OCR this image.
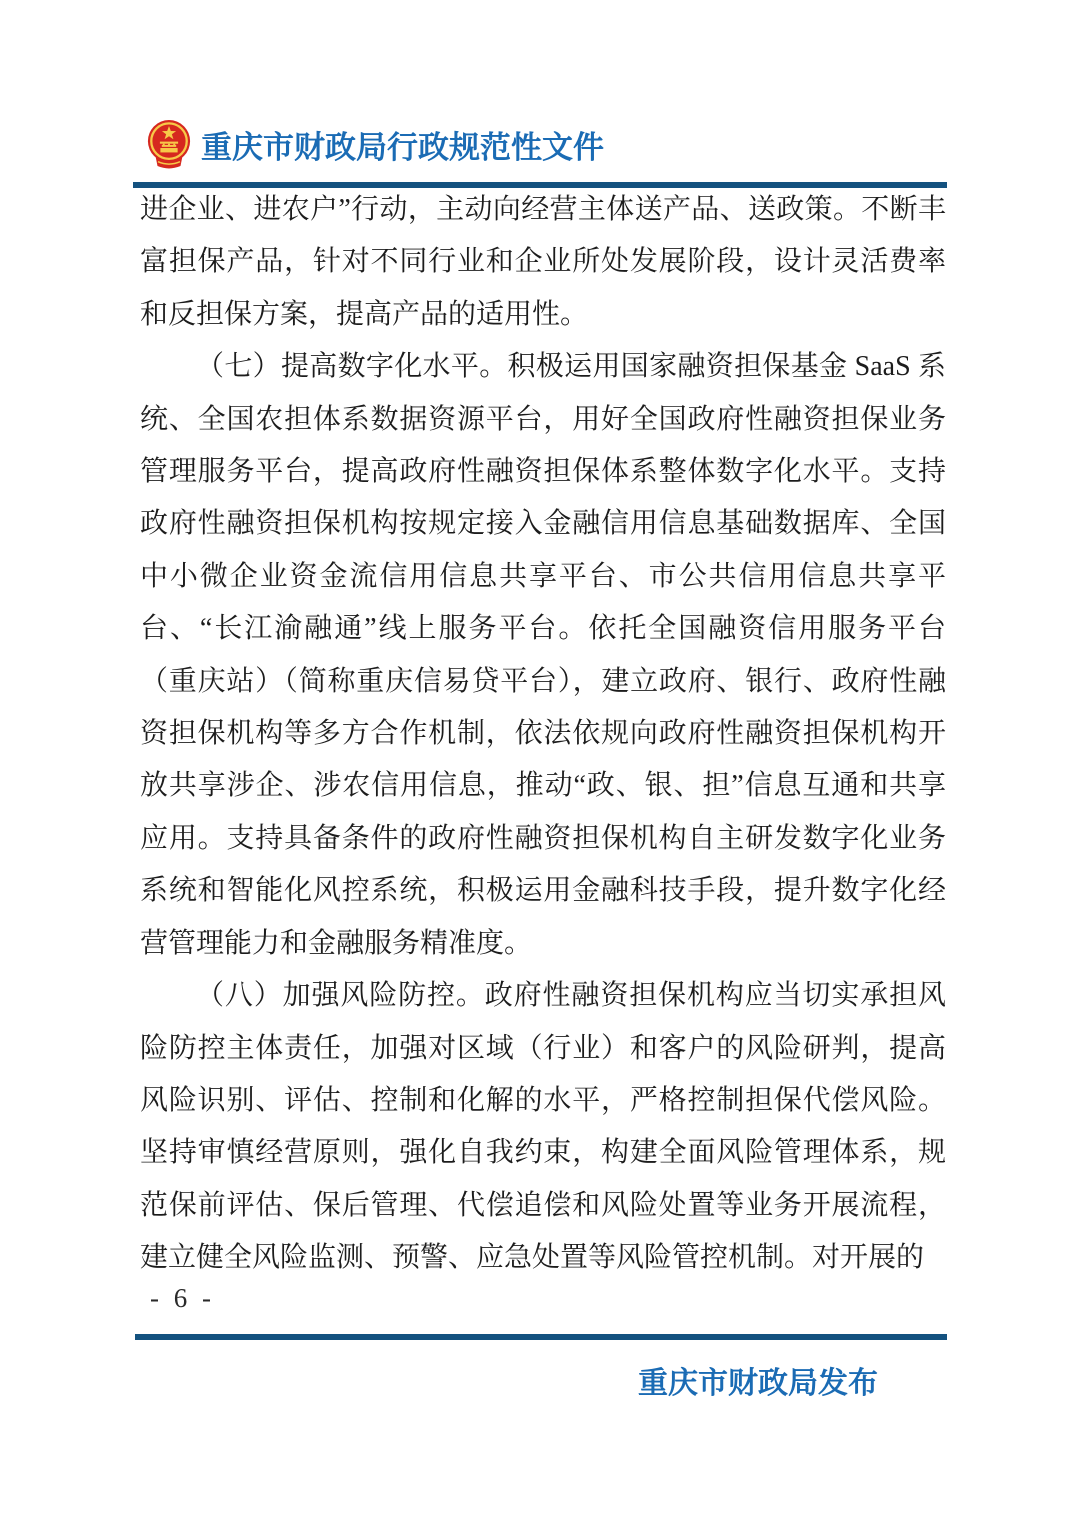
重庆市财政局行政规范性文件

进企业、进农户”行动，主动向经营主体送产品、送政策。不断丰富担保产品，针对不同行业和企业所处发展阶段，设计灵活费率和反担保方案，提高产品的适用性。

（七）提高数字化水平。积极运用国家融资担保基金 SaaS 系统、全国农担体系数据资源平台，用好全国政府性融资担保业务管理服务平台，提高政府性融资担保体系整体数字化水平。支持政府性融资担保机构按规定接入金融信用信息基础数据库、全国中小微企业资金流信用信息共享平台、市公共信用信息共享平台、“长江渝融通”线上服务平台。依托全国融资信用服务平台（重庆站）（简称重庆信易贷平台），建立政府、银行、政府性融资担保机构等多方合作机制，依法依规向政府性融资担保机构开放共享涉企、涉农信用信息，推动“政、银、担”信息互通和共享应用。支持具备条件的政府性融资担保机构自主研发数字化业务系统和智能化风控系统，积极运用金融科技手段，提升数字化经营管理能力和金融服务精准度。

（八）加强风险防控。政府性融资担保机构应当切实承担风险防控主体责任，加强对区域（行业）和客户的风险研判，提高风险识别、评估、控制和化解的水平，严格控制担保代偿风险。坚持审慎经营原则，强化自我约束，构建全面风险管理体系，规范保前评估、保后管理、代偿追偿和风险处置等业务开展流程，建立健全风险监测、预警、应急处置等风险管控机制。对开展的

- 6 -
重庆市财政局发布
